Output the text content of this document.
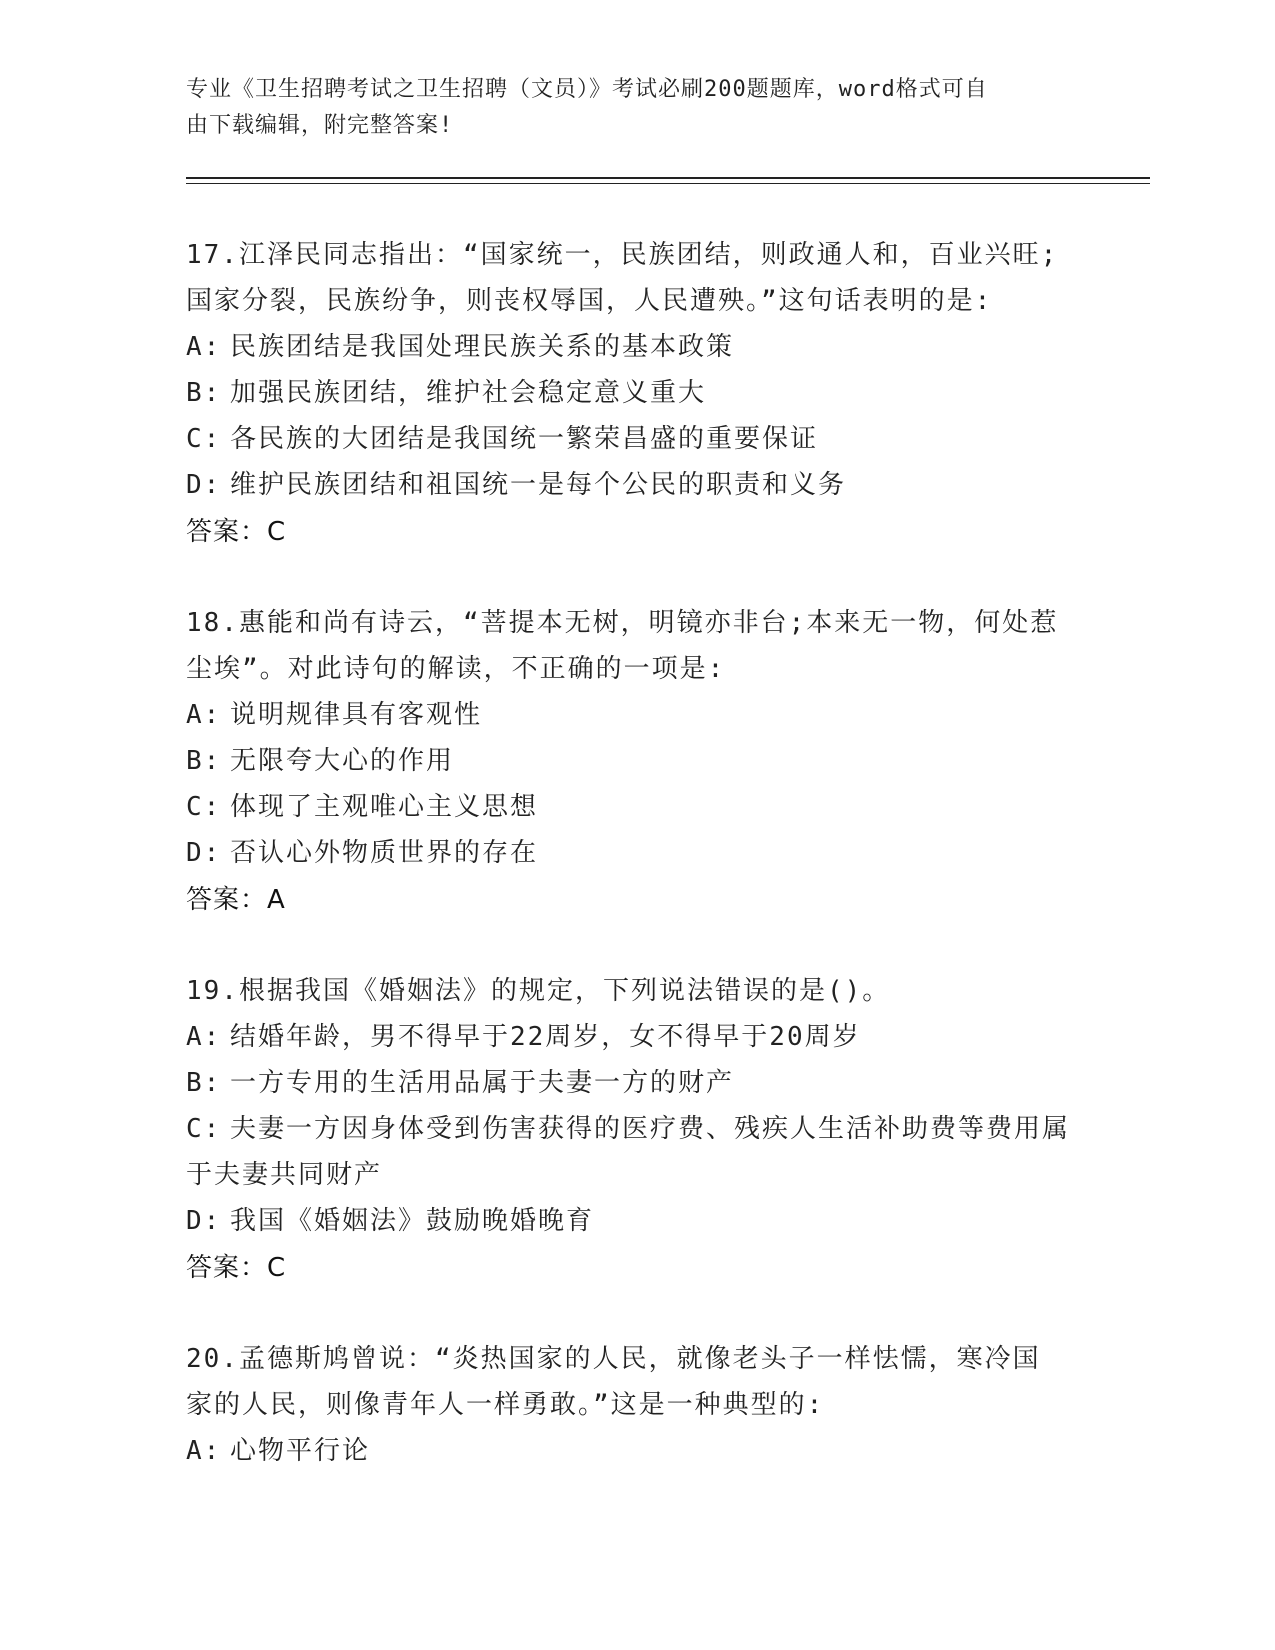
专业《卫生招聘考试之卫生招聘（文员）》考试必刷200题题库，word格式可自
由下载编辑，附完整答案!
17.江泽民同志指出：“国家统一，民族团结，则政通人和，百业兴旺;国家分裂，民族纷争，则丧权辱国，人民遭殃。”这句话表明的是:
A: 民族团结是我国处理民族关系的基本政策
B: 加强民族团结，维护社会稳定意义重大
C: 各民族的大团结是我国统一繁荣昌盛的重要保证
D: 维护民族团结和祖国统一是每个公民的职责和义务
答案：C
18.惠能和尚有诗云，“菩提本无树，明镜亦非台;本来无一物，何处惹尘埃”。对此诗句的解读，不正确的一项是:
A: 说明规律具有客观性
B: 无限夸大心的作用
C: 体现了主观唯心主义思想
D: 否认心外物质世界的存在
答案：A
19.根据我国《婚姻法》的规定，下列说法错误的是()。
A: 结婚年龄，男不得早于22周岁，女不得早于20周岁
B: 一方专用的生活用品属于夫妻一方的财产
C: 夫妻一方因身体受到伤害获得的医疗费、残疾人生活补助费等费用属于夫妻共同财产
D: 我国《婚姻法》鼓励晚婚晚育
答案：C
20.孟德斯鸠曾说：“炎热国家的人民，就像老头子一样怯懦，寒冷国家的人民，则像青年人一样勇敢。”这是一种典型的:
A: 心物平行论
